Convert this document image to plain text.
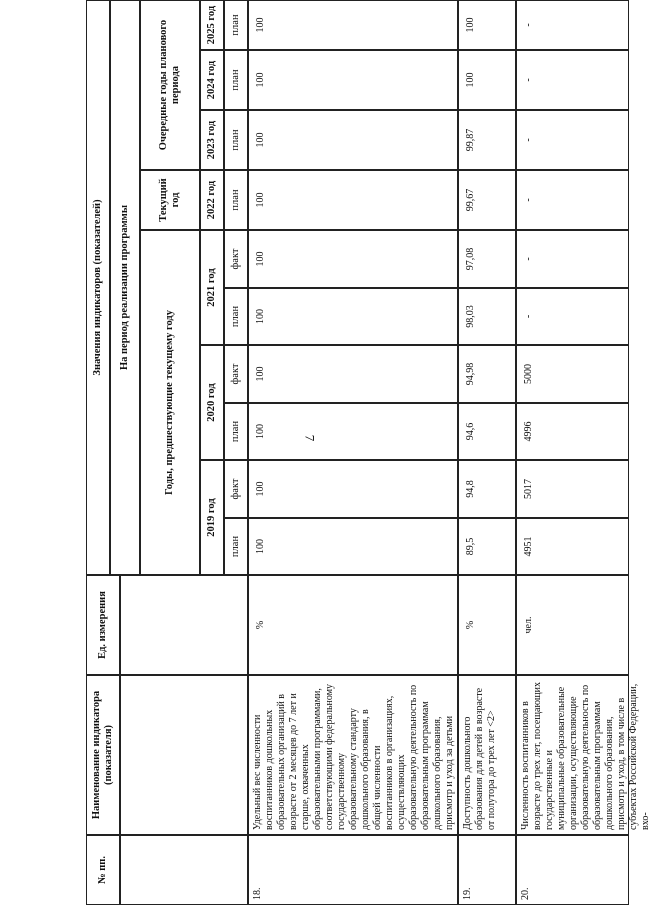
7
№ пп.
Наименование индикатора (показателя)
Ед. измерения
Значения индикаторов (показателей)	На период реализации программы
Годы, предшествующие текущему году
Текущий год
Очередные годы планового периода
2019 год
2020 год
2021 год
2022 год
2023 год
2024 год
2025 год
план
факт
план
факт
план
факт
план
план
план
план
18.
Удельный вес численности воспитанников дошкольных образовательных организаций в возрасте от 2 месяцев до 7 лет и старше, охваченных образовательными программами, соответствующими федеральному государственному образовательному стандарту дошкольного образования, в общей численности воспитанников в организациях, осуществляющих образовательную деятельность по образовательным программам дошкольного образования, присмотр и уход за детьми
%
100
100
100
100
100
100
100
100
100
100
19.
Доступность дошкольного образования для детей в возрасте от полутора до трех лет <2>
%
89,5
94,8
94,6
94,98
98,03
97,08
99,67
99,87
100
100
20.
Численность воспитанников в возрасте до трех лет, посещающих государственные и муниципальные образовательные организации, осуществляющие образовательную деятельность по образовательным программам дошкольного образования, присмотр и уход, в том числе в субъектах Российской Федерации, вхо-
чел.
4951
5017
4996
5000
-
-
-
-
-
-
